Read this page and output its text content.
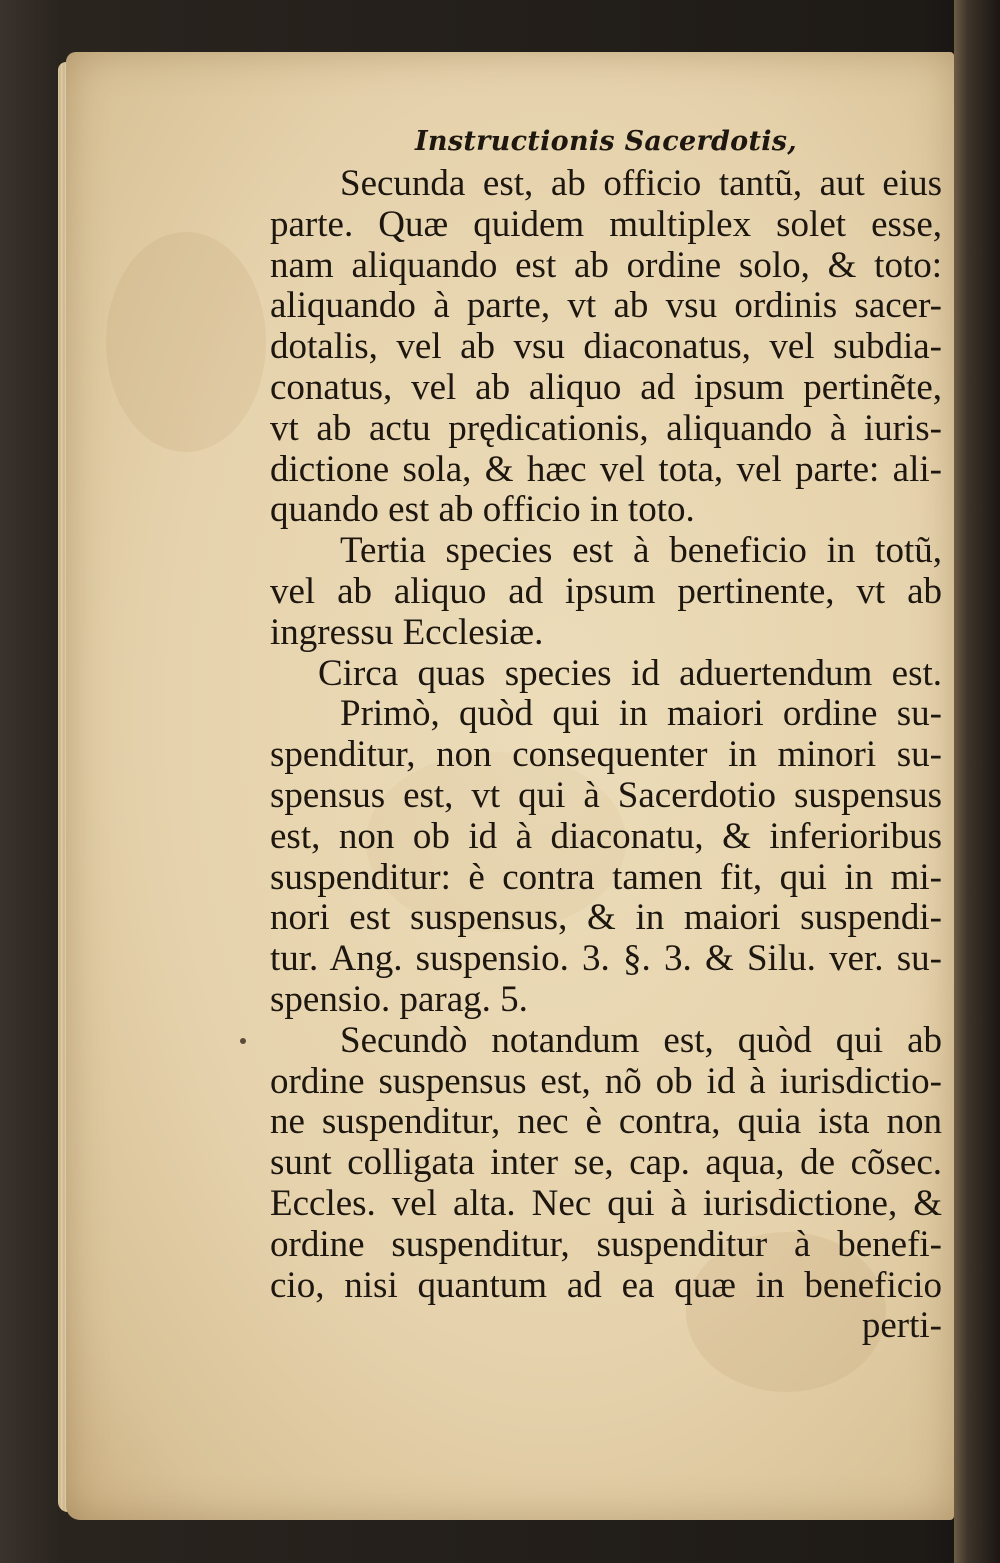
Instructionis Sacerdotis,
Secunda est, ab officio tantũ, aut eius
parte. Quæ quidem multiplex solet esse,
nam aliquando est ab ordine solo, & toto:
aliquando à parte, vt ab vsu ordinis sacer-
dotalis, vel ab vsu diaconatus, vel subdia-
conatus, vel ab aliquo ad ipsum pertinẽte,
vt ab actu prędicationis, aliquando à iuris-
dictione sola, & hæc vel tota, vel parte: ali-
quando est ab officio in toto.
Tertia species est à beneficio in totũ,
vel ab aliquo ad ipsum pertinente, vt ab
ingressu Ecclesiæ.
Circa quas species id aduertendum est.
Primò, quòd qui in maiori ordine su-
spenditur, non consequenter in minori su-
spensus est, vt qui à Sacerdotio suspensus
est, non ob id à diaconatu, & inferioribus
suspenditur: è contra tamen fit, qui in mi-
nori est suspensus, & in maiori suspendi-
tur. Ang. suspensio. 3. §. 3. & Silu. ver. su-
spensio. parag. 5.
Secundò notandum est, quòd qui ab
ordine suspensus est, nõ ob id à iurisdictio-
ne suspenditur, nec è contra, quia ista non
sunt colligata inter se, cap. aqua, de cõsec.
Eccles. vel alta. Nec qui à iurisdictione, &
ordine suspenditur, suspenditur à benefi-
cio, nisi quantum ad ea quæ in beneficio
perti-
